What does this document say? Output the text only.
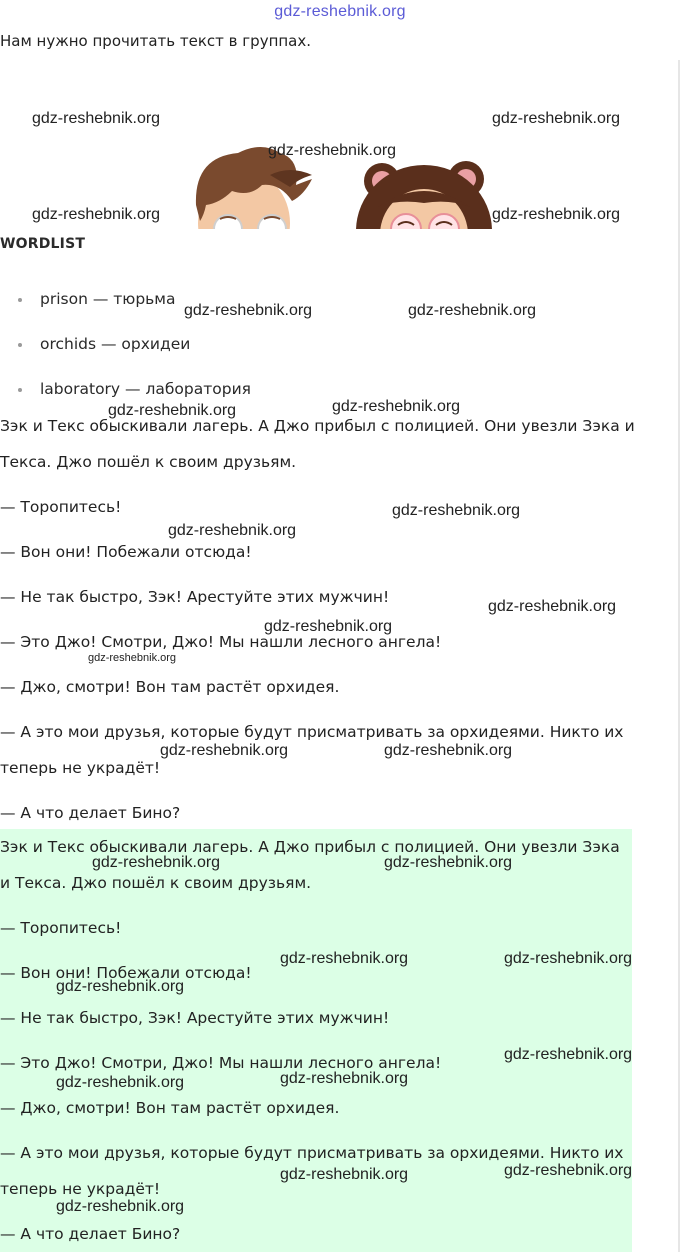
gdz-reshebnik.org
Нам нужно прочитать текст в группах.
WORDLIST
prison — тюрьма
orchids — орхидеи
laboratory — лаборатория

Зэк и Текс обыскивали лагерь. А Джо прибыл с полицией. Они увезли Зэка и Текса. Джо пошёл к своим друзьям.

— Торопитесь!

— Вон они! Побежали отсюда!

— Не так быстро, Зэк! Арестуйте этих мужчин!

— Это Джо! Смотри, Джо! Мы нашли лесного ангела!

— Джо, смотри! Вон там растёт орхидея.

— А это мои друзья, которые будут присматривать за орхидеями. Никто их теперь не украдёт!

— А что делает Бино?

Зэк и Текс обыскивали лагерь. А Джо прибыл с полицией. Они увезли Зэка и Текса. Джо пошёл к своим друзьям.

— Торопитесь!

— Вон они! Побежали отсюда!

— Не так быстро, Зэк! Арестуйте этих мужчин!

— Это Джо! Смотри, Джо! Мы нашли лесного ангела!

— Джо, смотри! Вон там растёт орхидея.

— А это мои друзья, которые будут присматривать за орхидеями. Никто их теперь не украдёт!

— А что делает Бино?

gdz-reshebnik.org	gdz-reshebnik.org
gdz-reshebnik.org
gdz-reshebnik.org	gdz-reshebnik.org
gdz-reshebnik.org	gdz-reshebnik.org
gdz-reshebnik.org	gdz-reshebnik.org
gdz-reshebnik.org
gdz-reshebnik.org
gdz-reshebnik.org
gdz-reshebnik.org
gdz-reshebnik.org
gdz-reshebnik.org	gdz-reshebnik.org
gdz-reshebnik.org	gdz-reshebnik.org
gdz-reshebnik.org	gdz-reshebnik.org
gdz-reshebnik.org
gdz-reshebnik.org
gdz-reshebnik.org
gdz-reshebnik.org
gdz-reshebnik.org
gdz-reshebnik.org
gdz-reshebnik.org
